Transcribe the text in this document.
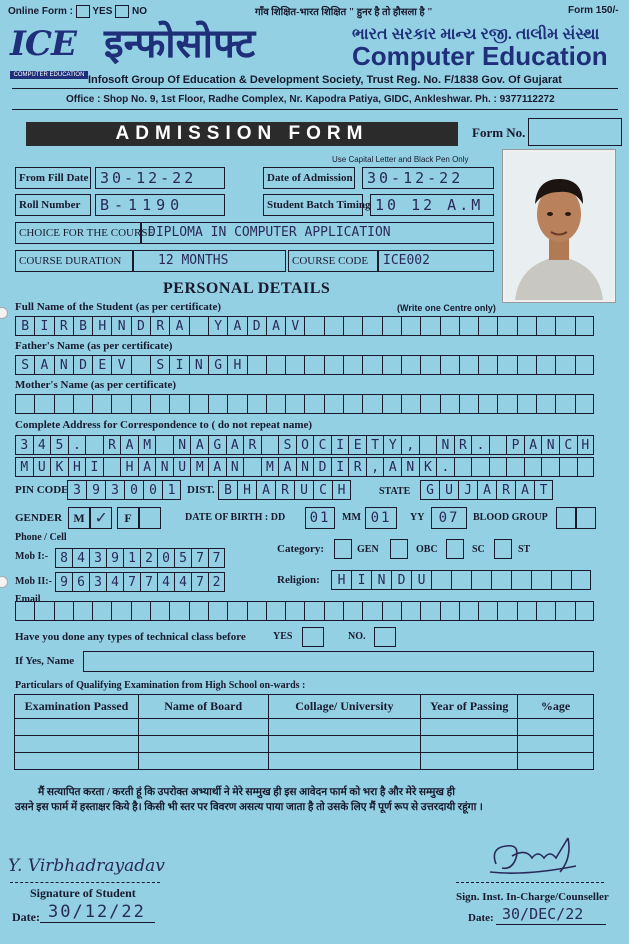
Online Form : YES NO	गाँव शिक्षित-भारत शिक्षित " हुनर है तो हौसला है "	Form 150/-
ICE
COMPUTER EDUCATION
इन्फोसोफ्ट	ભારત સરકાર માન્ય રજી. તાલીમ સંસ્થા
Computer Education
Infosoft Group Of Education & Development Society, Trust Reg. No. F/1838 Gov. Of Gujarat
Office : Shop No. 9, 1st Floor, Radhe Complex, Nr. Kapodra Patiya, GIDC, Ankleshwar. Ph. : 9377112272
ADMISSION FORM	Form No.
Use Capital Letter and Black Pen Only
From Fill Date 30-12-22	Date of Admission 30-12-22
Roll Number	B-1190	Student Batch Timing 10 12 A.M
CHOICE FOR THE COURSE
DIPLOMA IN COMPUTER APPLICATION
COURSE DURATION	12 MONTHS	COURSE CODE	ICE002
PERSONAL DETAILS
Full Name of the Student (as per certificate)	(Write one Centre only)
B I R B H N D R A	Y A D A V
Father's Name (as per certificate)
S A N D E V	S I N G H
Mother's Name (as per certificate)
Complete Address for Correspondence to ( do not repeat name)
3 4 5 .	R A M	N A G A R	S O C I E T Y ,	N R .	P A N C H
M U K H I	H A N U M A N	M A N D I R , A N K .
PIN CODE 3 9 3 0 0 1	DIST. B H A R U C H	STATE	G U J A R A T
GENDER M ✓	F	DATE OF BIRTH : DD	01	MM 01	YY	07	BLOOD GROUP
Phone / Cell
Mob I:- 8 4 3 9 1 2 0 5 7 7
Mob II:- 9 6 3 4 7 7 4 4 7 2
Email
Category:	GEN	OBC	SC	ST
Religion:	H I N D U
Have you done any types of technical class before	YES	NO.
If Yes, Name
Particulars of Qualifying Examination from High School on-wards :
Examination Passed	Name of Board	Collage/ University	Year of Passing	%age

मैं सत्यापित करता / करती हूं कि उपरोक्त अभ्यार्थी ने मेरे सम्मुख ही इस आवेदन फार्म को भरा है और मेरे सम्मुख ही
उसने इस फार्म में हस्ताक्षर किये है। किसी भी स्तर पर विवरण असत्य पाया जाता है तो उसके लिए मैं पूर्ण रूप से उत्तरदायी रहूंगा ।
Y. Virbhadrayadav
Signature of Student
Date: 30/12/22
Sign. Inst. In-Charge/Counseller
Date: 30/DEC/22
